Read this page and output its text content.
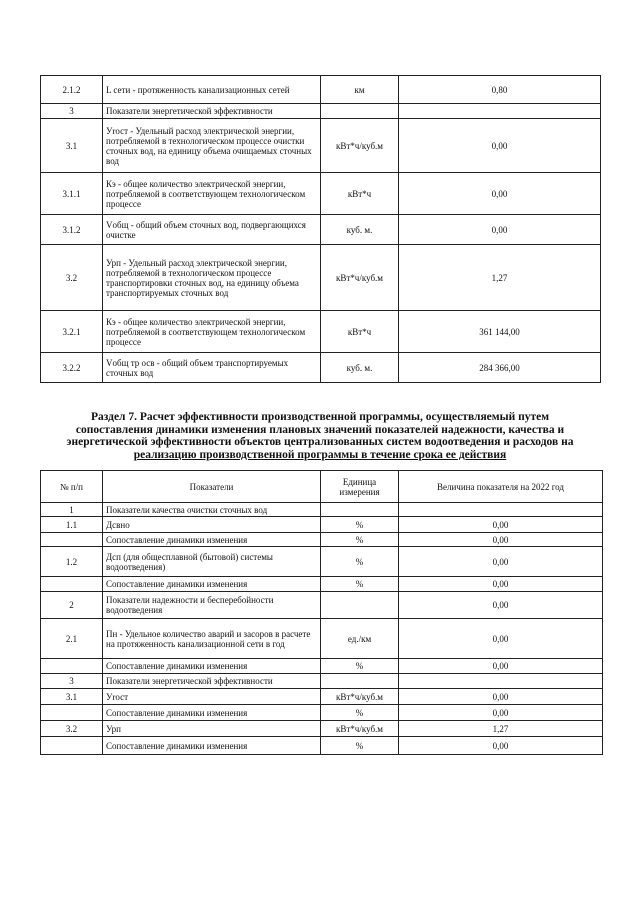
2.1.2	L сети - протяженность канализационных сетей	км	0,80
3	Показатели энергетической эффективности		
3.1	Уrост - Удельный расход электрической энергии, потребляемой в технологическом процессе очистки сточных вод, на единицу объема очищаемых сточных вод	кВт*ч/куб.м	0,00
3.1.1	Кэ - общее количество электрической энергии, потребляемой в соответствующем технологическом процессе	кВт*ч	0,00
3.1.2	Vобщ - общий объем сточных вод, подвергающихся очистке	куб. м.	0,00
3.2	Урп - Удельный расход электрической энергии, потребляемой в технологическом процессе транспортировки сточных вод, на единицу объема транспортируемых сточных вод	кВт*ч/куб.м	1,27
3.2.1	Кэ - общее количество электрической энергии, потребляемой в соответствующем технологическом процессе	кВт*ч	361 144,00
3.2.2	Vобщ тр осв - общий объем транспортируемых сточных вод	куб. м.	284 366,00
Раздел 7. Расчет эффективности производственной программы, осуществляемый путем
сопоставления динамики изменения плановых значений показателей надежности, качества и
энергетической эффективности объектов централизованных систем водоотведения и расходов на
реализацию производственной программы в течение срока ее действия
№ п/п	Показатели	Единица измерения	Величина показателя на 2022 год
1	Показатели качества очистки сточных вод		
1.1	Дсвно	%	0,00
	Сопоставление динамики изменения	%	0,00
1.2	Дсп (для общесплавной (бытовой) системы водоотведения)	%	0,00
	Сопоставление динамики изменения	%	0,00
2	Показатели надежности и бесперебойности водоотведения		0,00
2.1	Пн - Удельное количество аварий и засоров в расчете на протяженность канализационной сети в год	ед./км	0,00
	Сопоставление динамики изменения	%	0,00
3	Показатели энергетической эффективности		
3.1	Уrост	кВт*ч/куб.м	0,00
	Сопоставление динамики изменения	%	0,00
3.2	Урп	кВт*ч/куб.м	1,27
	Сопоставление динамики изменения	%	0,00
